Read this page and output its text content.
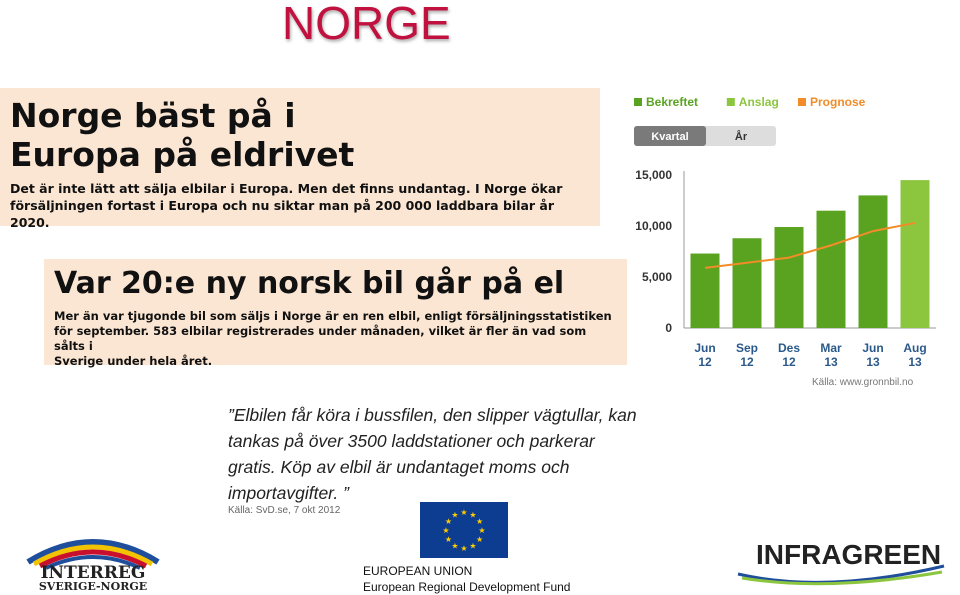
NORGE
Norge bäst på i
Europa på eldrivet
Det är inte lätt att sälja elbilar i Europa. Men det finns undantag. I Norge ökar
försäljningen fortast i Europa och nu siktar man på 200 000 laddbara bilar år 2020.
Var 20:e ny norsk bil går på el
Mer än var tjugonde bil som säljs i Norge är en ren elbil, enligt försäljningsstatistiken
för september. 583 elbilar registrerades under månaden, vilket är fler än vad som sålts i
Sverige under hela året.
Bekreftet	Anslag	Prognose
Kvartal	År
15,000
10,000
5,000
0
Jun
12
Sep
12
Des
12
Mar
13
Jun
13
Aug
13
Källa: www.gronnbil.no
”Elbilen får köra i bussfilen, den slipper vägtullar, kan
tankas på över 3500 laddstationer och parkerar
gratis. Köp av elbil är undantaget moms och
importavgifter. ”
Källa: SvD.se, 7 okt 2012	★ ★
★
★
★
★
★
★
★
★
★
★
EUROPEAN UNION
European Regional Development Fund
INTERREG
SVERIGE-NORGE
INFRAGREEN
